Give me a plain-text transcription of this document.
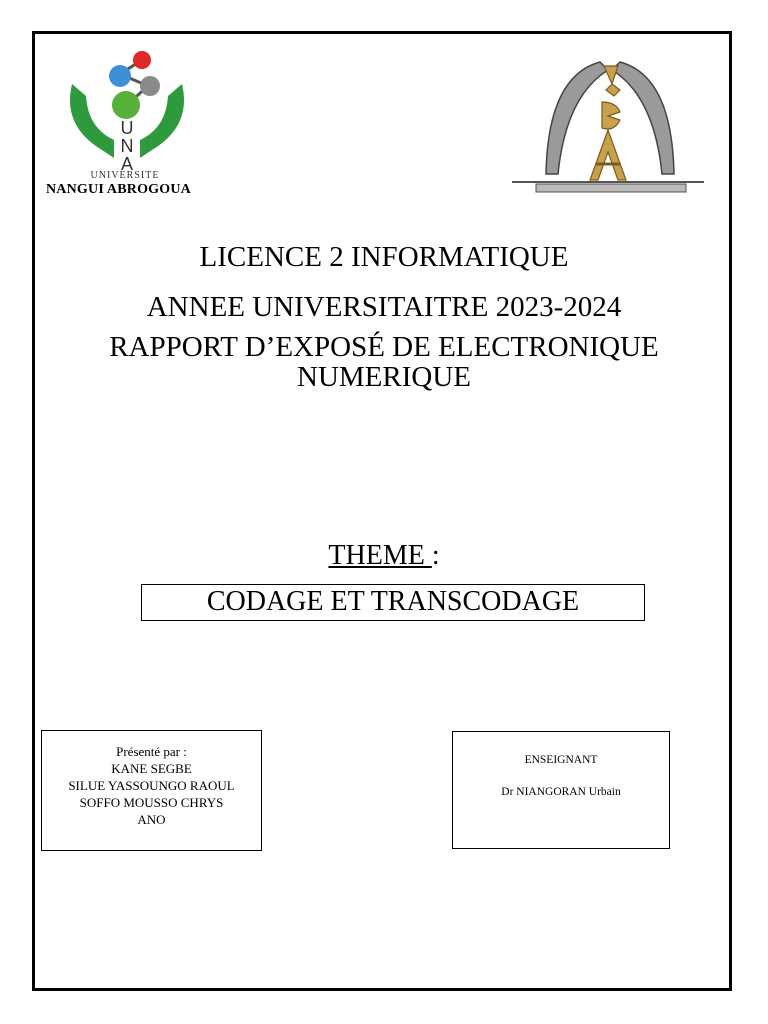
U
N
A
UNIVERSITE
NANGUI ABROGOUA
LICENCE 2 INFORMATIQUE
ANNEE UNIVERSITAITRE 2023-2024
RAPPORT D’EXPOSÉ DE ELECTRONIQUE
NUMERIQUE
THEME :
CODAGE ET TRANSCODAGE
Présenté par :
KANE SEGBE
SILUE YASSOUNGO RAOUL
SOFFO MOUSSO CHRYS
ANO
ENSEIGNANT
Dr NIANGORAN Urbain
